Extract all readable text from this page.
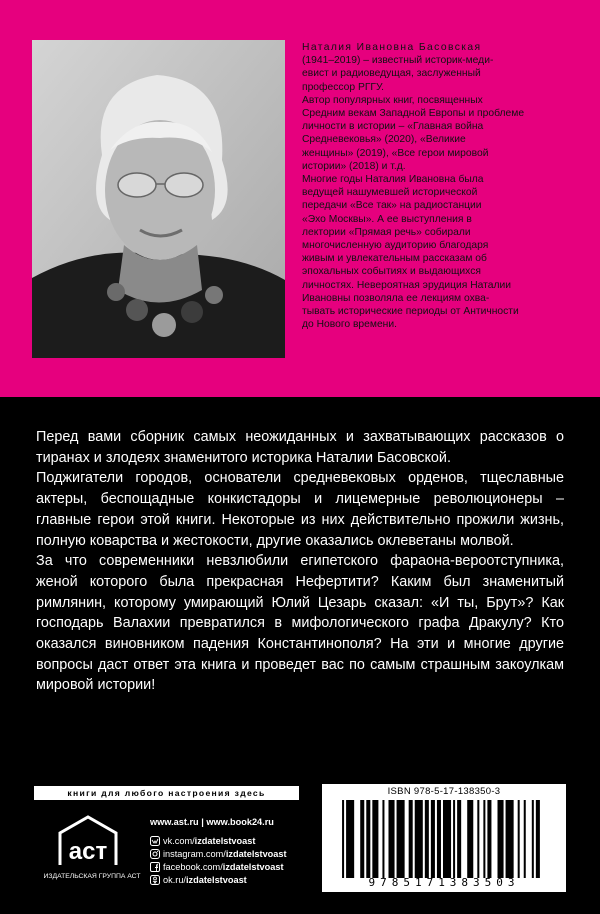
Наталия Ивановна Басовская
(1941–2019) – известный историк-меди-
евист и радиоведущая, заслуженный
профессор РГГУ.
Автор популярных книг, посвященных
Средним векам Западной Европы и проблеме
личности в истории – «Главная война
Средневековья» (2020), «Великие
женщины» (2019), «Все герои мировой
истории» (2018) и т.д.
Многие годы Наталия Ивановна была
ведущей нашумевшей исторической
передачи «Все так» на радиостанции
«Эхо Москвы». А ее выступления в
лектории «Прямая речь» собирали
многочисленную аудиторию благодаря
живым и увлекательным рассказам об
эпохальных событиях и выдающихся
личностях. Невероятная эрудиция Наталии
Ивановны позволяла ее лекциям охва-
тывать исторические периоды от Античности
до Нового времени.

Перед вами сборник самых неожиданных и захватывающих рассказов о тиранах и злодеях знаменитого историка Наталии Басовской.

Поджигатели городов, основатели средневековых орденов, тщеславные актеры, беспощадные конкистадоры и лицемерные революционеры – главные герои этой книги. Некоторые из них действительно прожили жизнь, полную коварства и жестокости, другие оказались оклеветаны молвой.

За что современники невзлюбили египетского фараона-вероотступника, женой которого была прекрасная Нефертити? Каким был знаменитый римлянин, которому умирающий Юлий Цезарь сказал: «И ты, Брут»? Как господарь Валахии превратился в мифологического графа Дракулу? Кто оказался виновником падения Константинополя? На эти и многие другие вопросы даст ответ эта книга и проведет вас по самым страшным закоулкам мировой истории!

книги для любого настроения здесь
аст
ИЗДАТЕЛЬСКАЯ ГРУППА АСТ
www.ast.ru | www.book24.ru
vk.com/ izdatelstvoast
instagram.com/ izdatelstvoast
facebook.com/ izdatelstvoast
ok.ru/ izdatelstvoast
ISBN 978-5-17-138350-3
9785171383503
